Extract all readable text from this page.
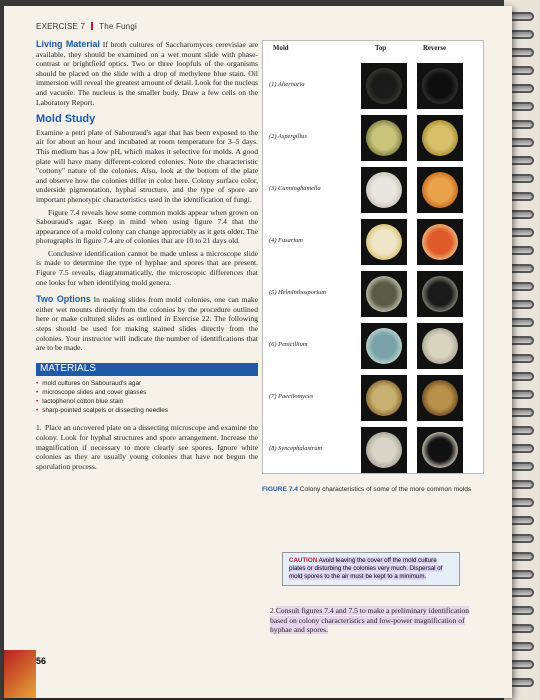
EXERCISE 7 The Fungi

Living Material If broth cultures of Saccharomyces cerevisiae are available, they should be examined on a wet mount slide with phase-contrast or brightfield optics. Two or three loopfuls of the organisms should be placed on the slide with a drop of methylene blue stain. Oil immersion will reveal the greatest amount of detail. Look for the nucleus and vacuole. The nucleus is the smaller body. Draw a few cells on the Laboratory Report.

Mold Study

Examine a petri plate of Sabouraud's agar that has been exposed to the air for about an hour and incubated at room temperature for 3–5 days. This medium has a low pH, which makes it selective for molds. A good plate will have many different-colored colonies. Note the characteristic "cottony" nature of the colonies. Also, look at the bottom of the plate and observe how the colonies differ in color here. Colony surface color, underside pigmentation, hyphal structure, and the type of spore are important phenotypic characteristics used in the identification of fungi.

Figure 7.4 reveals how some common molds appear when grown on Sabouraud's agar. Keep in mind when using figure 7.4 that the appearance of a mold colony can change appreciably as it gets older. The photographs in figure 7.4 are of colonies that are 10 to 21 days old.

Conclusive identification cannot be made unless a microscope slide is made to determine the type of hyphae and spores that are present. Figure 7.5 reveals, diagrammatically, the microscopic differences that one looks for when identifying mold genera.

Two Options In making slides from mold colonies, one can make either wet mounts directly from the colonies by the procedure outlined here or make cultured slides as outlined in Exercise 22. The following steps should be used for making stained slides directly from the colonies. Your instructor will indicate the number of identifications that are to be made.

MATERIALS
• mold cultures on Sabouraud's agar
• microscope slides and cover glasses
• lactophenol cotton blue stain
• sharp-pointed scalpels or dissecting needles

1. Place an uncovered plate on a dissecting microscope and examine the colony. Look for hyphal structures and spore arrangement. Increase the magnification if necessary to more clearly see spores. Ignore white colonies as they are usually young colonies that have not begun the sporulation process.

Mold	Top	Reverse
(1) Alternaria
(2) Aspergillus
(3) Cunninghamella
(4) Fusarium
(5) Helminthosporium
(6) Penicillium
(7) Paecilomyces
(8) Syncephalastrum
FIGURE 7.4 Colony characteristics of some of the more common molds
CAUTION Avoid leaving the cover off the mold culture plates or disturbing the colonies very much. Dispersal of mold spores to the air must be kept to a minimum.
2.Consult figures 7.4 and 7.5 to make a preliminary identification based on colony characteristics and low-power magnification of hyphae and spores.
56
